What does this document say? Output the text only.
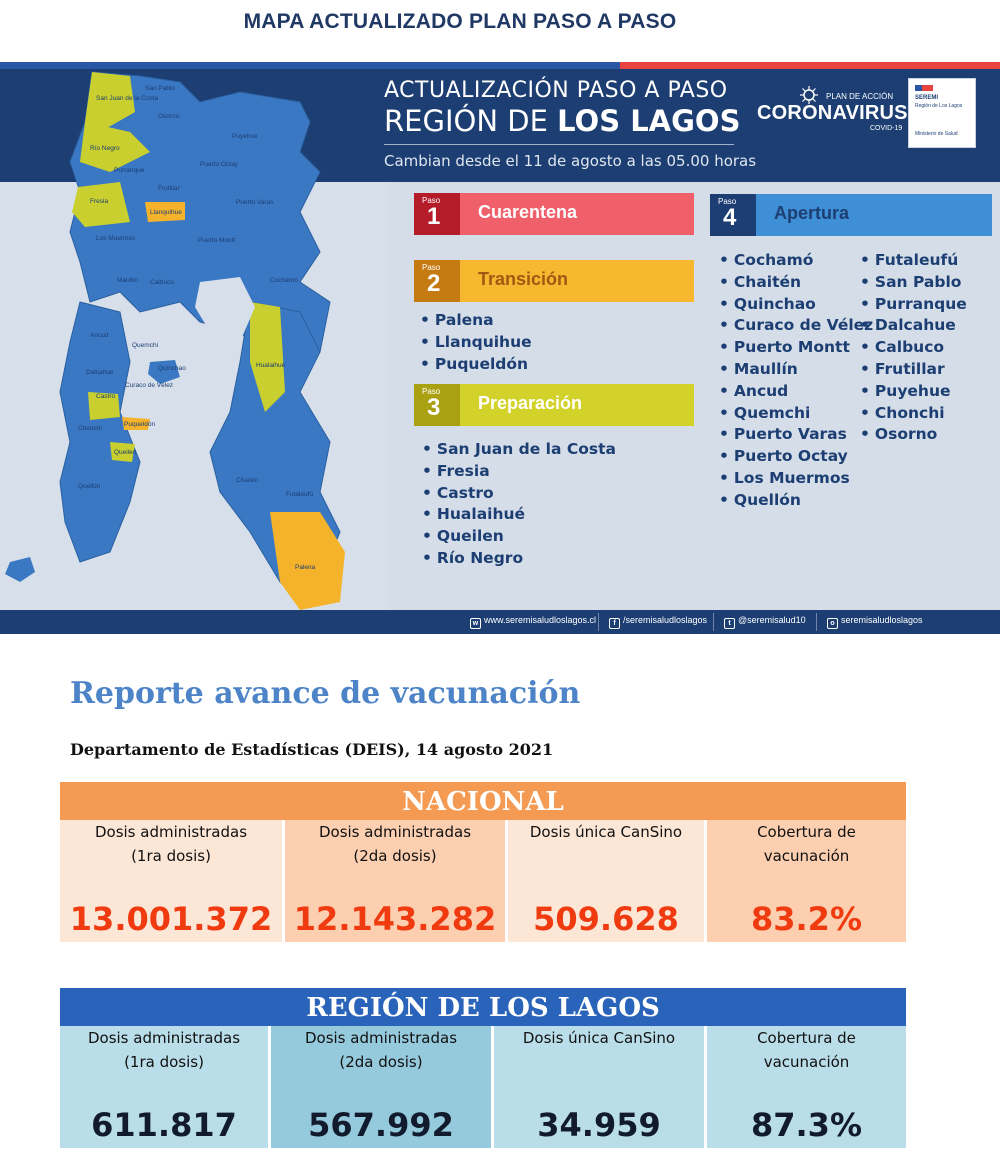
MAPA ACTUALIZADO PLAN PASO A PASO
San Juan de la Costa
San Pablo
Osorno
Puyehue
Río Negro
Purranque
Puerto Octay
Fresia
Frutillar
Llanquihue
Puerto Varas
Los Muermos	Puerto Montt
Maullín Calbuco	Cochamó
Ancud
Quemchi
Dalcahue
Quinchao
Curaco de Vélez
Castro
Puqueldón
Chonchi
Queilen
Quellón
Hualaihué
Chaitén
Futaleufú
Palena
ACTUALIZACIÓN PASO A PASO
REGIÓN DE LOS LAGOS
Cambian desde el 11 de agosto a las 05.00 horas
PLAN DE ACCIÓN
CORONAVIRUS
COVID-19
SEREMI
Región de Los Lagos
Ministerio de Salud
Paso
1 Cuarentena
Paso
2 Transición
• Palena
• Llanquihue
• Puqueldón
Paso
3 Preparación
• San Juan de la Costa
• Fresia
• Castro
• Hualaihué
• Queilen
• Río Negro
Paso
4 Apertura
• Cochamó
• Chaitén
• Quinchao
• Curaco de Vélez
• Puerto Montt
• Maullín
• Ancud
• Quemchi
• Puerto Varas
• Puerto Octay
• Los Muermos
• Quellón
• Futaleufú
• San Pablo
• Purranque
• Dalcahue
• Calbuco
• Frutillar
• Puyehue
• Chonchi
• Osorno
w www.seremisaludloslagos.cl	f /seremisaludloslagos	t @seremisalud10	o seremisaludloslagos
Reporte avance de vacunación
Departamento de Estadísticas (DEIS), 14 agosto 2021
NACIONAL
Dosis administradas
(1ra dosis)
13.001.372
Dosis administradas
(2da dosis)
12.143.282
Dosis única CanSino
509.628
Cobertura de
vacunación
83.2%
REGIÓN DE LOS LAGOS
Dosis administradas
(1ra dosis)
611.817
Dosis administradas
(2da dosis)
567.992
Dosis única CanSino
34.959
Cobertura de
vacunación
87.3%
